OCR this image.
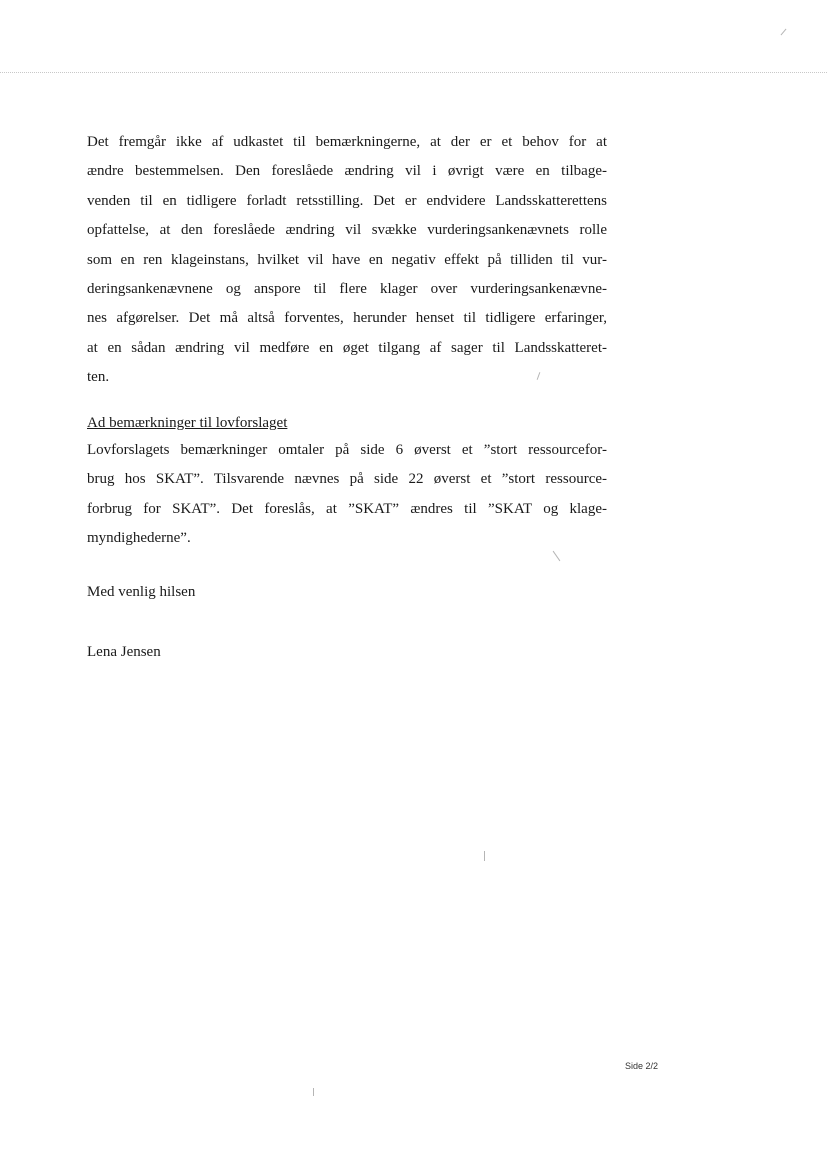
Det fremgår ikke af udkastet til bemærkningerne, at der er et behov for at
ændre bestemmelsen. Den foreslåede ændring vil i øvrigt være en tilbage-
venden til en tidligere forladt retsstilling. Det er endvidere Landsskatterettens
opfattelse, at den foreslåede ændring vil svække vurderingsankenævnets rolle
som en ren klageinstans, hvilket vil have en negativ effekt på tilliden til vur-
deringsankenævnene og anspore til flere klager over vurderingsankenævne-
nes afgørelser. Det må altså forventes, herunder henset til tidligere erfaringer,
at en sådan ændring vil medføre en øget tilgang af sager til Landsskatteret-
ten.

Ad bemærkninger til lovforslaget

Lovforslagets bemærkninger omtaler på side 6 øverst et ”stort ressourcefor-
brug hos SKAT”. Tilsvarende nævnes på side 22 øverst et ”stort ressource-
forbrug for SKAT”. Det foreslås, at ”SKAT” ændres til ”SKAT og klage-
myndighederne”.

Med venlig hilsen
Lena Jensen
Side 2/2
